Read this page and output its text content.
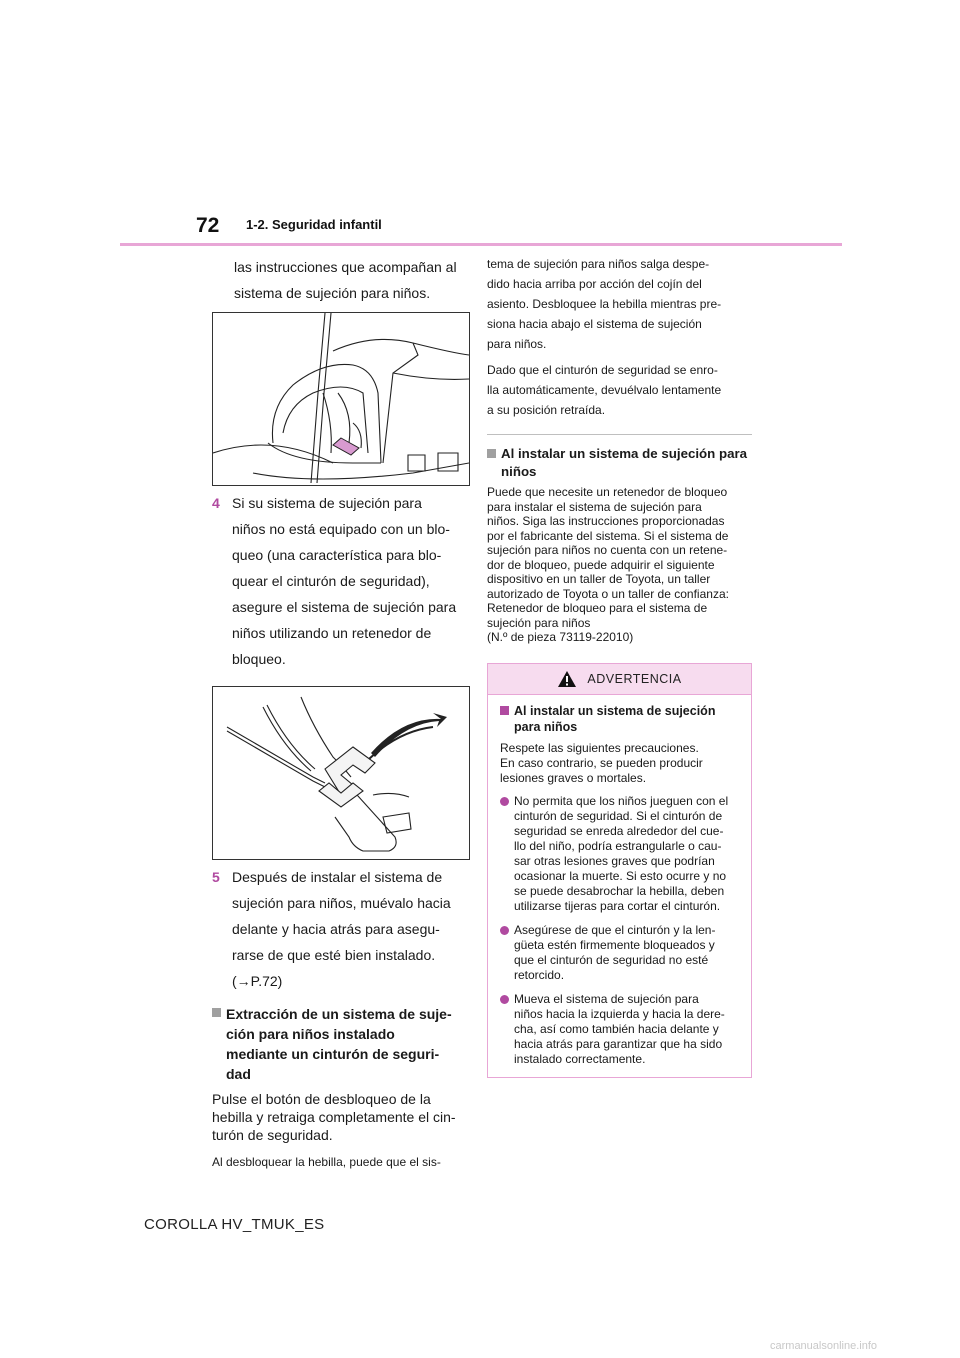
72 1-2. Seguridad infantil

las instrucciones que acompañan al

sistema de sujeción para niños.

4 Si su sistema de sujeción para
niños no está equipado con un blo-
queo (una característica para blo-
quear el cinturón de seguridad),
asegure el sistema de sujeción para
niños utilizando un retenedor de
bloqueo.
5 Después de instalar el sistema de
sujeción para niños, muévalo hacia
delante y hacia atrás para asegu-
rarse de que esté bien instalado.
(→P.72)
Extracción de un sistema de suje-
ción para niños instalado
mediante un cinturón de seguri-
dad
Pulse el botón de desbloqueo de la
hebilla y retraiga completamente el cin-
turón de seguridad.

Al desbloquear la hebilla, puede que el sis-

tema de sujeción para niños salga despe-

dido hacia arriba por acción del cojín del

asiento. Desbloquee la hebilla mientras pre-

siona hacia abajo el sistema de sujeción

para niños.

Dado que el cinturón de seguridad se enro-

lla automáticamente, devuélvalo lentamente

a su posición retraída.

Al instalar un sistema de sujeción para
niños
Puede que necesite un retenedor de bloqueo
para instalar el sistema de sujeción para
niños. Siga las instrucciones proporcionadas
por el fabricante del sistema. Si el sistema de
sujeción para niños no cuenta con un retene-
dor de bloqueo, puede adquirir el siguiente
dispositivo en un taller de Toyota, un taller
autorizado de Toyota o un taller de confianza:
Retenedor de bloqueo para el sistema de
sujeción para niños
(N.º de pieza 73119-22010)
ADVERTENCIA
Al instalar un sistema de sujeción
para niños
Respete las siguientes precauciones.
En caso contrario, se pueden producir
lesiones graves o mortales.
No permita que los niños jueguen con el
cinturón de seguridad. Si el cinturón de
seguridad se enreda alrededor del cue-
llo del niño, podría estrangularle o cau-
sar otras lesiones graves que podrían
ocasionar la muerte. Si esto ocurre y no
se puede desabrochar la hebilla, deben
utilizarse tijeras para cortar el cinturón.
Asegúrese de que el cinturón y la len-
güeta estén firmemente bloqueados y
que el cinturón de seguridad no esté
retorcido.
Mueva el sistema de sujeción para
niños hacia la izquierda y hacia la dere-
cha, así como también hacia delante y
hacia atrás para garantizar que ha sido
instalado correctamente.
COROLLA HV_TMUK_ES
carmanualsonline.info
